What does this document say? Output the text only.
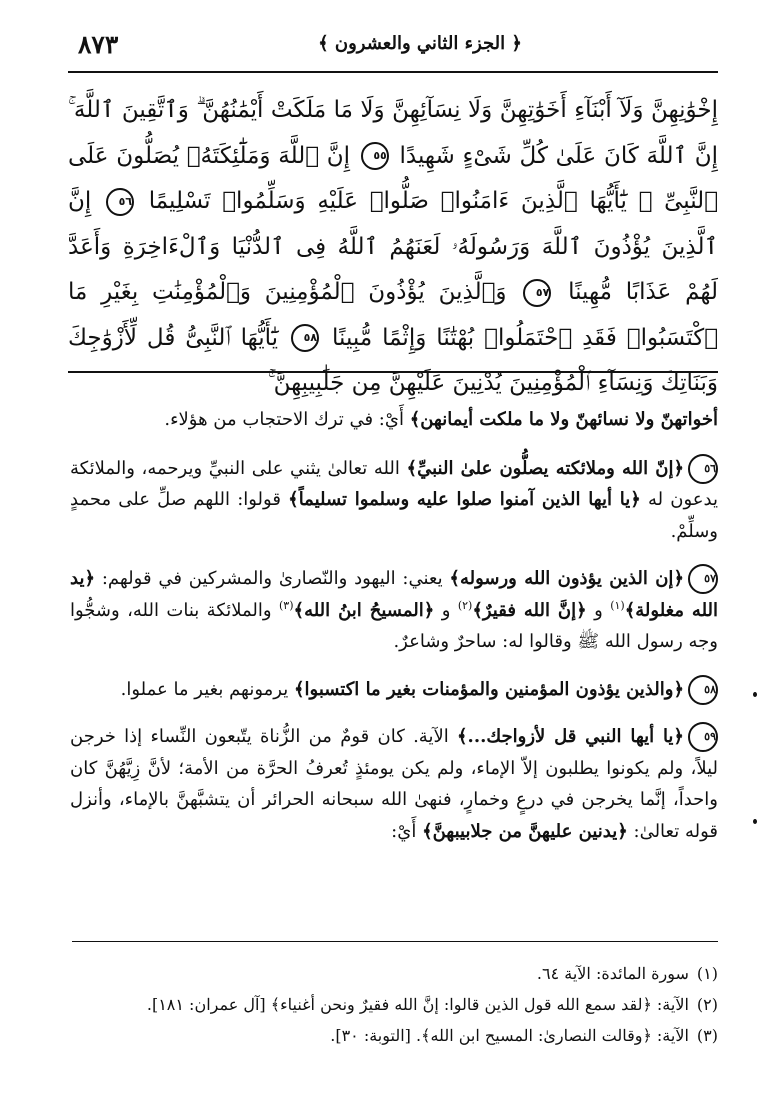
٨٧٣	﴿ الجزء الثاني والعشرون ﴾
إِخْوَٰنِهِنَّ وَلَآ أَبْنَآءِ أَخَوَٰتِهِنَّ وَلَا نِسَآئِهِنَّ وَلَا مَا مَلَكَتْ أَيْمَٰنُهُنَّ ۗ وَٱتَّقِينَ ٱللَّهَ ۚ إِنَّ ٱللَّهَ كَانَ عَلَىٰ كُلِّ شَىْءٍ شَهِيدًا ٥٥ إِنَّ ٱللَّهَ وَمَلَٰٓئِكَتَهُۥ يُصَلُّونَ عَلَى ٱلنَّبِىِّ ۚ يَٰٓأَيُّهَا ٱلَّذِينَ ءَامَنُوا۟ صَلُّوا۟ عَلَيْهِ وَسَلِّمُوا۟ تَسْلِيمًا ٥٦ إِنَّ ٱلَّذِينَ يُؤْذُونَ ٱللَّهَ وَرَسُولَهُۥ لَعَنَهُمُ ٱللَّهُ فِى ٱلدُّنْيَا وَٱلْءَاخِرَةِ وَأَعَدَّ لَهُمْ عَذَابًا مُّهِينًا ٥٧ وَٱلَّذِينَ يُؤْذُونَ ٱلْمُؤْمِنِينَ وَٱلْمُؤْمِنَٰتِ بِغَيْرِ مَا ٱكْتَسَبُوا۟ فَقَدِ ٱحْتَمَلُوا۟ بُهْتَٰنًا وَإِثْمًا مُّبِينًا ٥٨ يَٰٓأَيُّهَا ٱلنَّبِىُّ قُل لِّأَزْوَٰجِكَ وَبَنَاتِكَ وَنِسَآءِ ٱلْمُؤْمِنِينَ يُدْنِينَ عَلَيْهِنَّ مِن جَلَٰبِيبِهِنَّ ۚ

أخواتهنّ ولا نسائهنّ ولا ما ملكت أيمانهن﴾ أَيْ: في ترك الاحتجاب من هؤلاء.

٥٦﴿إنّ الله وملائكته يصلُّون علىٰ النبيِّ﴾ الله تعالىٰ يثني على النبيِّ ويرحمه، والملائكة يدعون له ﴿يا أيها الذين آمنوا صلوا عليه وسلموا تسليماً﴾ قولوا: اللهم صلِّ على محمدٍ وسلِّمْ.

٥٧﴿إن الذين يؤذون الله ورسوله﴾ يعني: اليهود والنّصارىٰ والمشركين في قولهم: ﴿يد الله مغلولة﴾$^{(١)}$ و ﴿إنَّ الله فقيرٌ﴾$^{(٢)}$ و ﴿المسيحُ ابنُ الله﴾$^{(٣)}$ والملائكة بنات الله، وشجُّوا وجه رسول الله ﷺ وقالوا له: ساحرٌ وشاعرٌ.

٥٨﴿والذين يؤذون المؤمنين والمؤمنات بغير ما اكتسبوا﴾ يرمونهم بغير ما عملوا.

٥٩﴿يا أيها النبي قل لأزواجك...﴾ الآية. كان قومٌ من الزُّناة يتّبعون النِّساء إذا خرجن ليلاً، ولم يكونوا يطلبون إلاّ الإماء، ولم يكن يومئذٍ تُعرفُ الحرَّة من الأمة؛ لأنَّ زِيَّهُنَّ كان واحداً، إنَّما يخرجن في درعٍ وخمارٍ، فنهىٰ الله سبحانه الحرائر أن يتشبَّهنَّ بالإماء، وأنزل قوله تعالىٰ: ﴿يدنين عليهنَّ من جلابيبهنَّ﴾ أَيْ:

(١)سورة المائدة: الآية ٦٤.
(٢)الآية: ﴿لقد سمع الله قول الذين قالوا: إنَّ الله فقيرٌ ونحن أغنياء﴾ [آل عمران: ١٨١].
(٣)الآية: ﴿وقالت النصارىٰ: المسيح ابن الله﴾. [التوبة: ٣٠].
